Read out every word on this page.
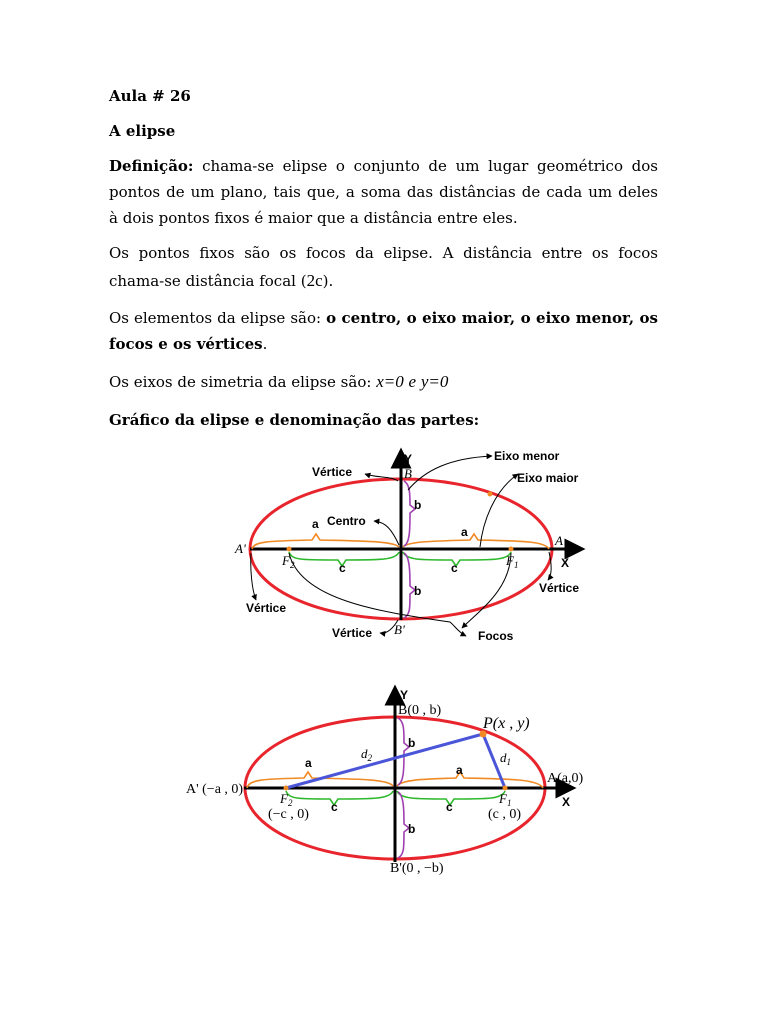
Aula # 26
A elipse
Definição: chama-se elipse o conjunto de um lugar geométrico dos
pontos de um plano, tais que, a soma das distâncias de cada um deles
à dois pontos fixos é maior que a distância entre eles.
Os pontos fixos são os focos da elipse. A distância entre os focos
chama-se distância focal (2c).
Os elementos da elipse são: o centro, o eixo maior, o eixo menor, os
focos e os vértices.
Os eixos de simetria da elipse são: x=0 e y=0
Gráfico da elipse e denominação das partes:
Y
X
B
B'
A
A'
$F_2$	$F_1$
b
b
a
a
c	c
Vértice
Eixo menor
Eixo maior
Centro
Vértice
Vértice
Vértice	Focos
Y
X
B(0 , b)
B'(0 , −b)
A(a,0)
A' (−a , 0)
P(x , y)
$d_2$	$d_1$
$F_2$	$F_1$
(−c , 0)	(c , 0)
a	a
b
b
c	c
